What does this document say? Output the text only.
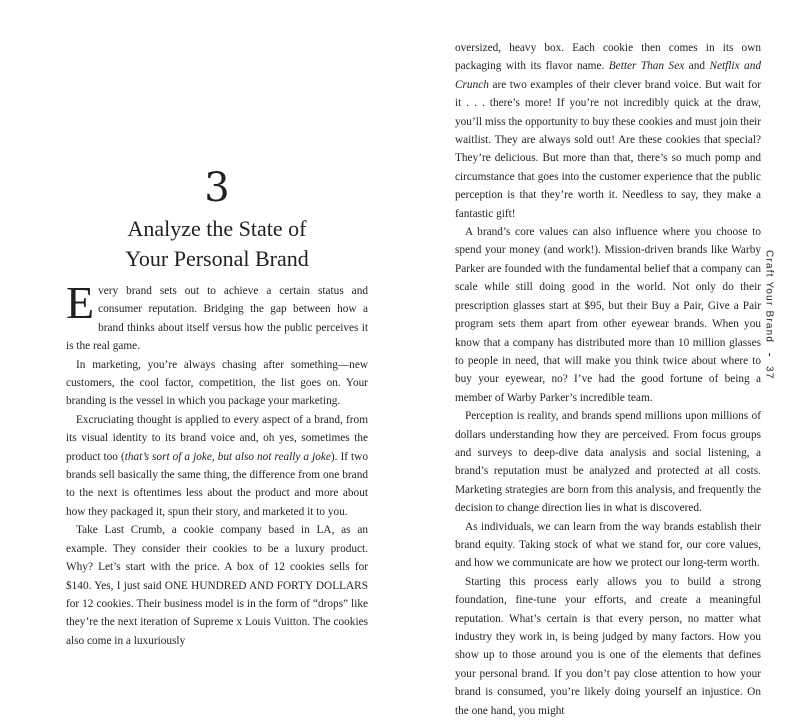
3
Analyze the State of
Your Personal Brand

Every brand sets out to achieve a certain status and consumer reputation. Bridging the gap between how a brand thinks about itself versus how the public perceives it is the real game.

In marketing, you’re always chasing after something—new customers, the cool factor, competition, the list goes on. Your branding is the vessel in which you package your marketing.

Excruciating thought is applied to every aspect of a brand, from its visual identity to its brand voice and, oh yes, sometimes the product too (that’s sort of a joke, but also not really a joke). If two brands sell basically the same thing, the difference from one brand to the next is oftentimes less about the product and more about how they packaged it, spun their story, and marketed it to you.

Take Last Crumb, a cookie company based in LA, as an example. They consider their cookies to be a luxury product. Why? Let’s start with the price. A box of 12 cookies sells for $140. Yes, I just said ONE HUNDRED AND FORTY DOLLARS for 12 cookies. Their business model is in the form of “drops” like they’re the next iteration of Supreme x Louis Vuitton. The cookies also come in a luxuriously

oversized, heavy box. Each cookie then comes in its own packaging with its flavor name. Better Than Sex and Netflix and Crunch are two examples of their clever brand voice. But wait for it . . . there’s more! If you’re not incredibly quick at the draw, you’ll miss the opportunity to buy these cookies and must join their waitlist. They are always sold out! Are these cookies that special? They’re delicious. But more than that, there’s so much pomp and circumstance that goes into the customer experience that the public perception is that they’re worth it. Needless to say, they make a fantastic gift!

A brand’s core values can also influence where you choose to spend your money (and work!). Mission-driven brands like Warby Parker are founded with the fundamental belief that a company can scale while still doing good in the world. Not only do their prescription glasses start at $95, but their Buy a Pair, Give a Pair program sets them apart from other eyewear brands. When you know that a company has distributed more than 10 million glasses to people in need, that will make you think twice about where to buy your eyewear, no? I’ve had the good fortune of being a member of Warby Parker’s incredible team.

Perception is reality, and brands spend millions upon millions of dollars understanding how they are perceived. From focus groups and surveys to deep-dive data analysis and social listening, a brand’s reputation must be analyzed and protected at all costs. Marketing strategies are born from this analysis, and frequently the decision to change direction lies in what is discovered.

As individuals, we can learn from the way brands establish their brand equity. Taking stock of what we stand for, our core values, and how we communicate are how we protect our long-term worth.

Starting this process early allows you to build a strong foundation, fine-tune your efforts, and create a meaningful reputation. What’s certain is that every person, no matter what industry they work in, is being judged by many factors. How you show up to those around you is one of the elements that defines your personal brand. If you don’t pay close attention to how your brand is consumed, you’re likely doing yourself an injustice. On the one hand, you might

Craft Your Brand
37
